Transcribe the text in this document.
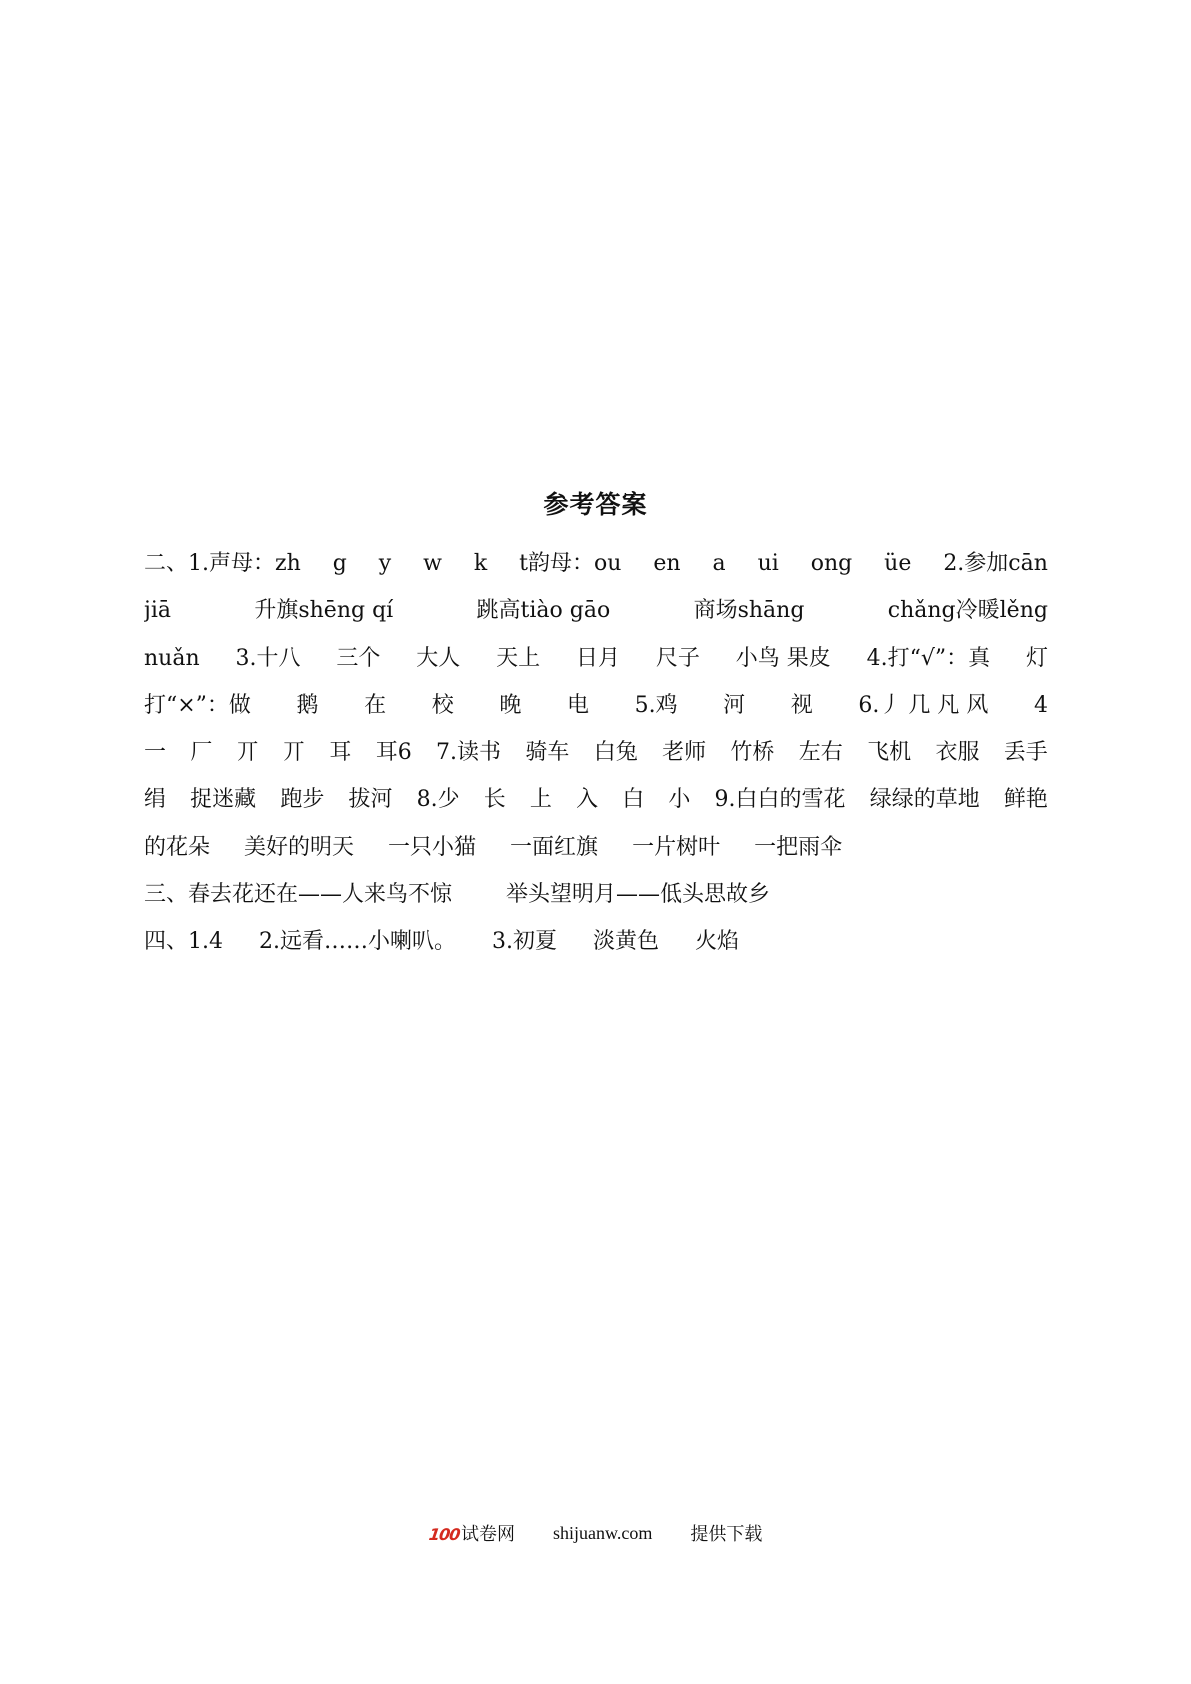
参考答案
二、1.声母：zh g y w k t韵母：ou en a ui ong üe 2.参加cān
jiā	升旗shēng qí	跳高tiào gāo	商场shāng	chǎng冷暖lěng
nuǎn 3.十八 三个 大人 天上 日月 尺子 小鸟 果皮 4.打“√”：真 灯
打“×”：做 鹅 在 校 晚 电 5.鸡 河 视 6.丿 几 凡 风 4
一 厂 丌 丌 耳 耳6 7.读书 骑车 白兔 老师 竹桥 左右 飞机 衣服 丢手
绢 捉迷藏 跑步 拔河 8.少 长 上 入 白 小 9.白白的雪花 绿绿的草地 鲜艳
的花朵 美好的明天 一只小猫 一面红旗 一片树叶 一把雨伞
三、春去花还在——人来鸟不惊 举头望明月——低头思故乡
四、1.4 2.远看……小喇叭。 3.初夏 淡黄色 火焰
100 试卷网 shijuanw.com 提供下载
